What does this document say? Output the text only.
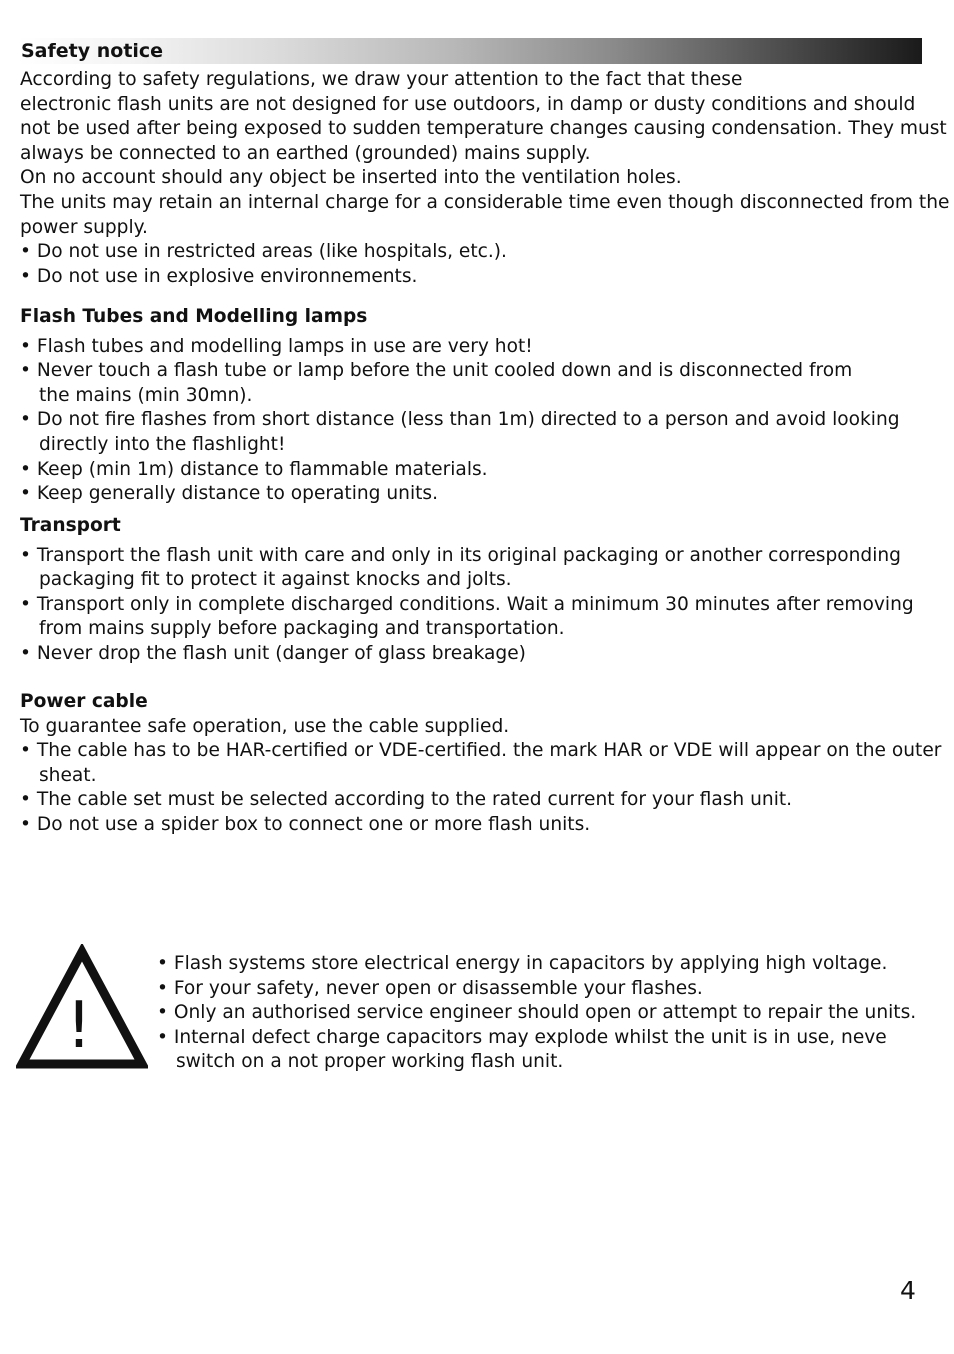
Safety notice
According to safety regulations, we draw your attention to the fact that these
electronic flash units are not designed for use outdoors, in damp or dusty conditions and should
not be used after being exposed to sudden temperature changes causing condensation. They must
always be connected to an earthed (grounded) mains supply.
On no account should any object be inserted into the ventilation holes.
The units may retain an internal charge for a considerable time even though disconnected from the
power supply.
• Do not use in restricted areas (like hospitals, etc.).
• Do not use in explosive environnements.
Flash Tubes and Modelling lamps
• Flash tubes and modelling lamps in use are very hot!
• Never touch a flash tube or lamp before the unit cooled down and is disconnected from
the mains (min 30mn).
• Do not fire flashes from short distance (less than 1m) directed to a person and avoid looking
directly into the flashlight!
• Keep (min 1m) distance to flammable materials.
• Keep generally distance to operating units.
Transport
• Transport the flash unit with care and only in its original packaging or another corresponding
packaging fit to protect it against knocks and jolts.
• Transport only in complete discharged conditions. Wait a minimum 30 minutes after removing
from mains supply before packaging and transportation.
• Never drop the flash unit (danger of glass breakage)
Power cable
To guarantee safe operation, use the cable supplied.
• The cable has to be HAR-certified or VDE-certified. the mark HAR or VDE will appear on the outer
sheat.
• The cable set must be selected according to the rated current for your flash unit.
• Do not use a spider box to connect one or more flash units.
!
• Flash systems store electrical energy in capacitors by applying high voltage.
• For your safety, never open or disassemble your flashes.
• Only an authorised service engineer should open or attempt to repair the units.
• Internal defect charge capacitors may explode whilst the unit is in use, neve
switch on a not proper working flash unit.
4
